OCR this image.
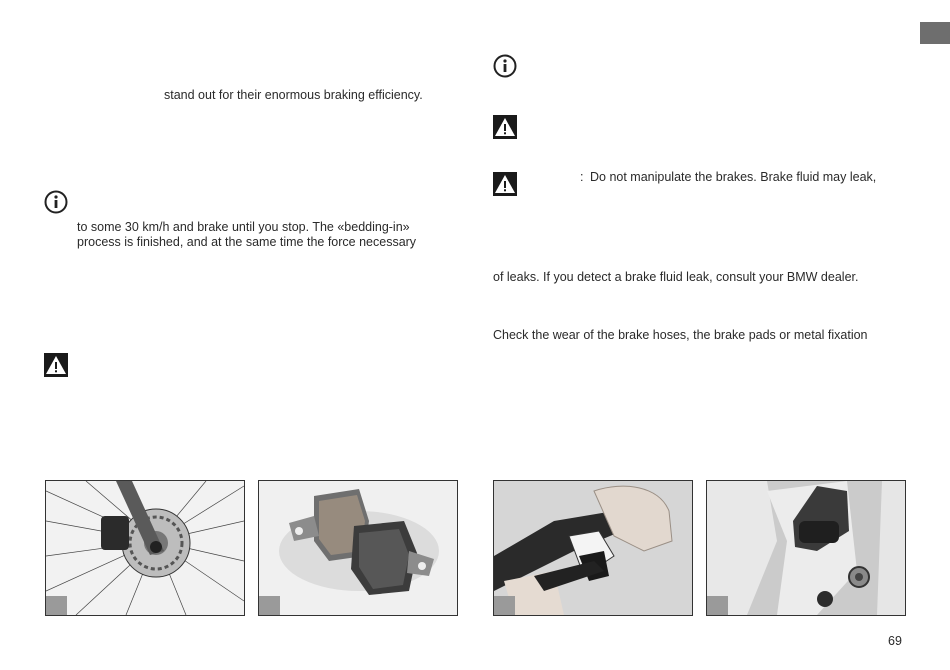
stand out for their enormous braking efficiency.
to some 30 km/h and brake until you stop. The «bedding-in»
process is finished, and at the same time the force necessary
: Do not manipulate the brakes. Brake fluid may leak,
of leaks. If you detect a brake fluid leak, consult your BMW dealer.
Check the wear of the brake hoses, the brake pads or metal fixation
69
